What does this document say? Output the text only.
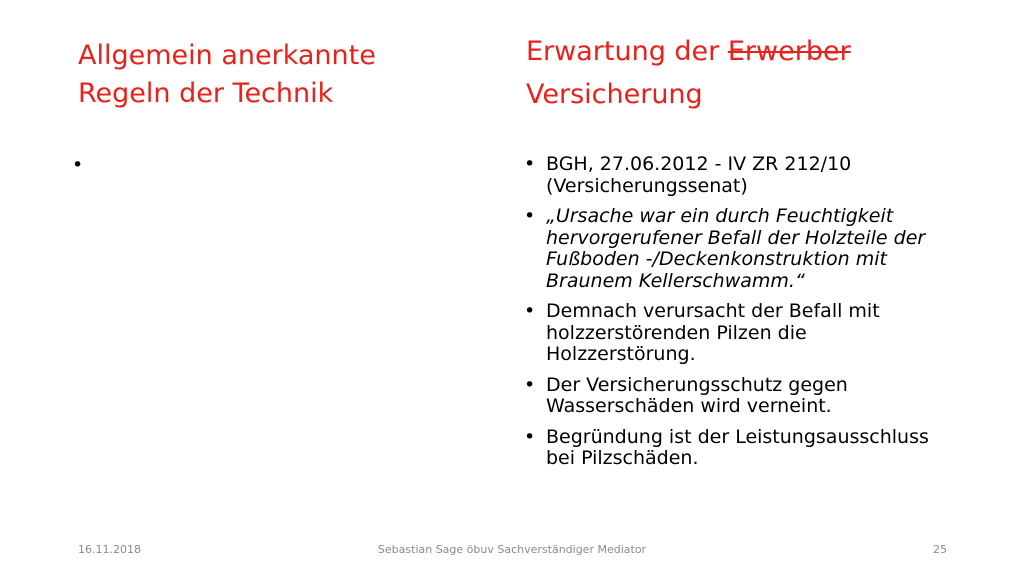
Allgemein anerkannte
Regeln der Technik
•
Erwartung der Erwerber
Versicherung
• BGH, 27.06.2012 - IV ZR 212/10 (Versicherungssenat)
• „Ursache war ein durch Feuchtigkeit hervorgerufener Befall der Holzteile der Fußboden -/Deckenkonstruktion mit Braunem Kellerschwamm.“
• Demnach verursacht der Befall mit holzzerstörenden Pilzen die Holzzerstörung.
• Der Versicherungsschutz gegen Wasserschäden wird verneint.
• Begründung ist der Leistungsausschluss bei Pilzschäden.

16.11.2018	Sebastian Sage öbuv Sachverständiger Mediator	25
